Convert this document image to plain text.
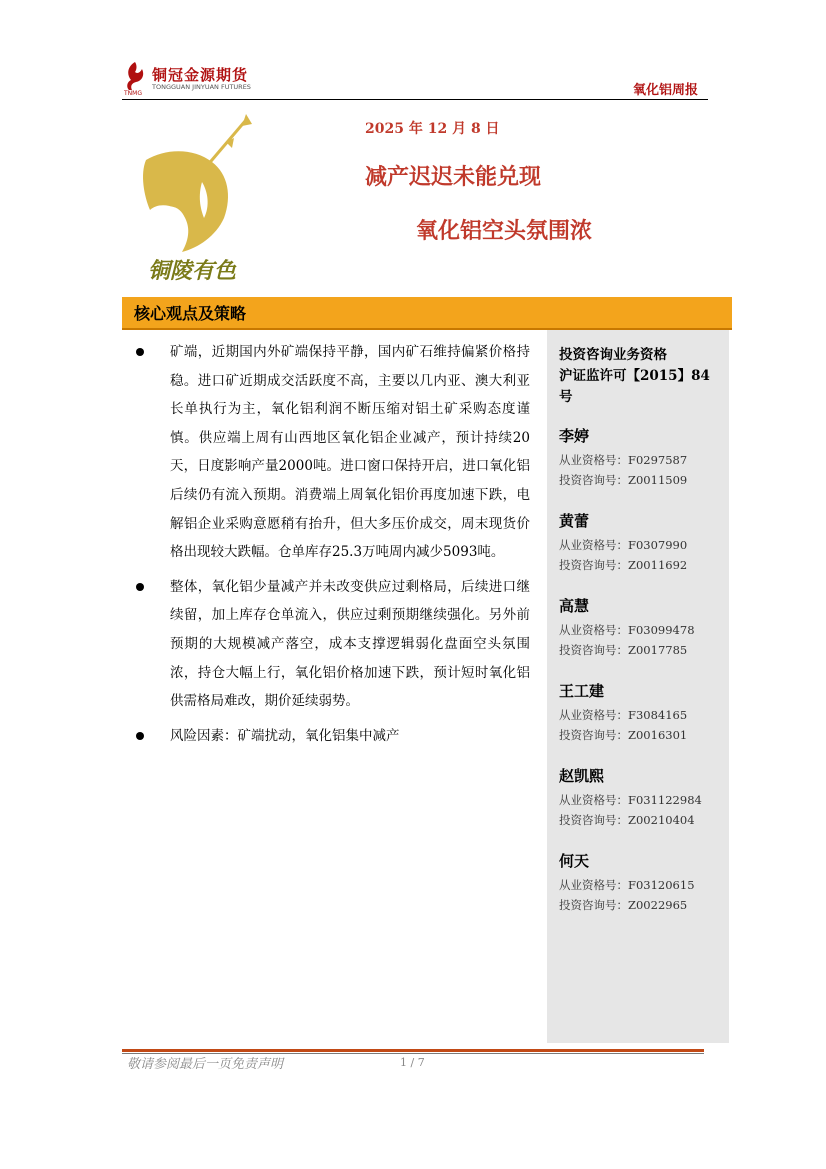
铜冠金源期货
TONGGUAN JINYUAN FUTURES
TNMG	氧化铝周报
铜陵有色
2025 年 12 月 8 日
减产迟迟未能兑现
氧化铝空头氛围浓
核心观点及策略
矿端，近期国内外矿端保持平静，国内矿石维持偏紧价格持稳。进口矿近期成交活跃度不高，主要以几内亚、澳大利亚长单执行为主，氧化铝利润不断压缩对铝土矿采购态度谨慎。供应端上周有山西地区氧化铝企业减产，预计持续20天，日度影响产量2000吨。进口窗口保持开启，进口氧化铝后续仍有流入预期。消费端上周氧化铝价再度加速下跌，电解铝企业采购意愿稍有抬升，但大多压价成交，周末现货价格出现较大跌幅。仓单库存25.3万吨周内减少5093吨。
整体，氧化铝少量减产并未改变供应过剩格局，后续进口继续留，加上库存仓单流入，供应过剩预期继续强化。另外前预期的大规模减产落空，成本支撑逻辑弱化盘面空头氛围浓，持仓大幅上行，氧化铝价格加速下跌，预计短时氧化铝供需格局难改，期价延续弱势。
风险因素：矿端扰动，氧化铝集中减产
投资咨询业务资格
沪证监许可【2015】84
号
李婷
从业资格号：F0297587
投资咨询号：Z0011509
黄蕾
从业资格号：F0307990
投资咨询号：Z0011692
高慧
从业资格号：F03099478
投资咨询号：Z0017785
王工建
从业资格号：F3084165
投资咨询号：Z0016301
赵凯熙
从业资格号：F031122984
投资咨询号：Z00210404
何天
从业资格号：F03120615
投资咨询号：Z0022965
敬请参阅最后一页免责声明	1 / 7
